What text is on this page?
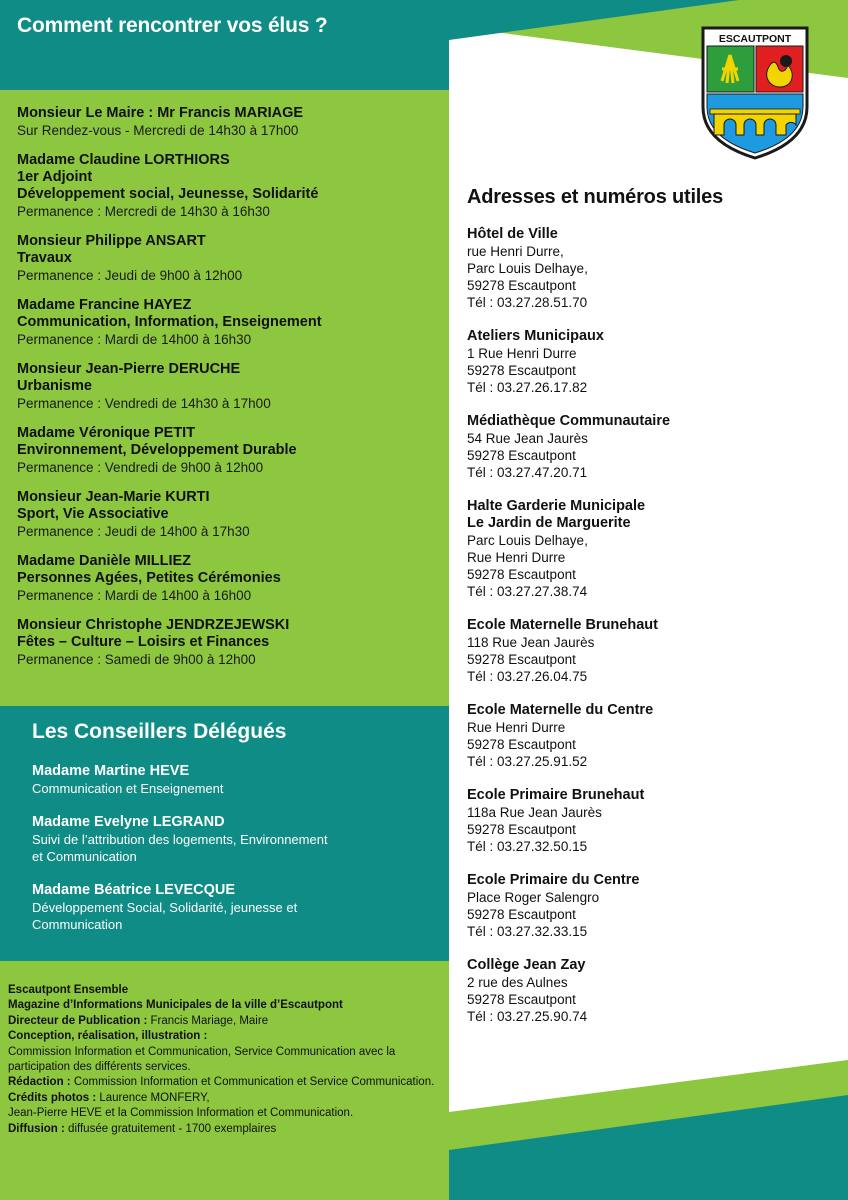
Comment rencontrer vos élus ?
Monsieur Le Maire : Mr Francis MARIAGE
Sur Rendez-vous - Mercredi de 14h30 à 17h00
Madame Claudine LORTHIORS
1er Adjoint
Développement social, Jeunesse, Solidarité
Permanence : Mercredi de 14h30 à 16h30
Monsieur Philippe ANSART
Travaux
Permanence : Jeudi de 9h00 à 12h00
Madame Francine HAYEZ
Communication, Information, Enseignement
Permanence : Mardi de 14h00 à 16h30
Monsieur Jean-Pierre DERUCHE
Urbanisme
Permanence : Vendredi de 14h30 à 17h00
Madame Véronique PETIT
Environnement, Développement Durable
Permanence : Vendredi de 9h00 à 12h00
Monsieur Jean-Marie KURTI
Sport, Vie Associative
Permanence : Jeudi de 14h00 à 17h30
Madame Danièle MILLIEZ
Personnes Agées, Petites Cérémonies
Permanence : Mardi de 14h00 à 16h00
Monsieur Christophe JENDRZEJEWSKI
Fêtes – Culture – Loisirs et Finances
Permanence : Samedi de 9h00 à 12h00
Les Conseillers Délégués
Madame Martine HEVE
Communication et Enseignement
Madame Evelyne LEGRAND
Suivi de l’attribution des logements, Environnement
et Communication
Madame Béatrice LEVECQUE
Développement Social, Solidarité, jeunesse et
Communication
Escautpont Ensemble
Magazine d’Informations Municipales de la ville d’Escautpont
Directeur de Publication : Francis Mariage, Maire
Conception, réalisation, illustration :
Commission Information et Communication, Service Communication avec la participation des différents services.
Rédaction : Commission Information et Communication et Service Communication.
Crédits photos : Laurence MONFERY,
Jean-Pierre HEVE et la Commission Information et Communication.
Diffusion : diffusée gratuitement - 1700 exemplaires
ESCAUTPONT
Adresses et numéros utiles
Hôtel de Ville
rue Henri Durre,
Parc Louis Delhaye,
59278 Escautpont
Tél : 03.27.28.51.70
Ateliers Municipaux
1 Rue Henri Durre
59278 Escautpont
Tél : 03.27.26.17.82
Médiathèque Communautaire
54 Rue Jean Jaurès
59278 Escautpont
Tél : 03.27.47.20.71
Halte Garderie Municipale
Le Jardin de Marguerite
Parc Louis Delhaye,
Rue Henri Durre
59278 Escautpont
Tél : 03.27.27.38.74
Ecole Maternelle Brunehaut
118 Rue Jean Jaurès
59278 Escautpont
Tél : 03.27.26.04.75
Ecole Maternelle du Centre
Rue Henri Durre
59278 Escautpont
Tél : 03.27.25.91.52
Ecole Primaire Brunehaut
118a Rue Jean Jaurès
59278 Escautpont
Tél : 03.27.32.50.15
Ecole Primaire du Centre
Place Roger Salengro
59278 Escautpont
Tél : 03.27.32.33.15
Collège Jean Zay
2 rue des Aulnes
59278 Escautpont
Tél : 03.27.25.90.74
